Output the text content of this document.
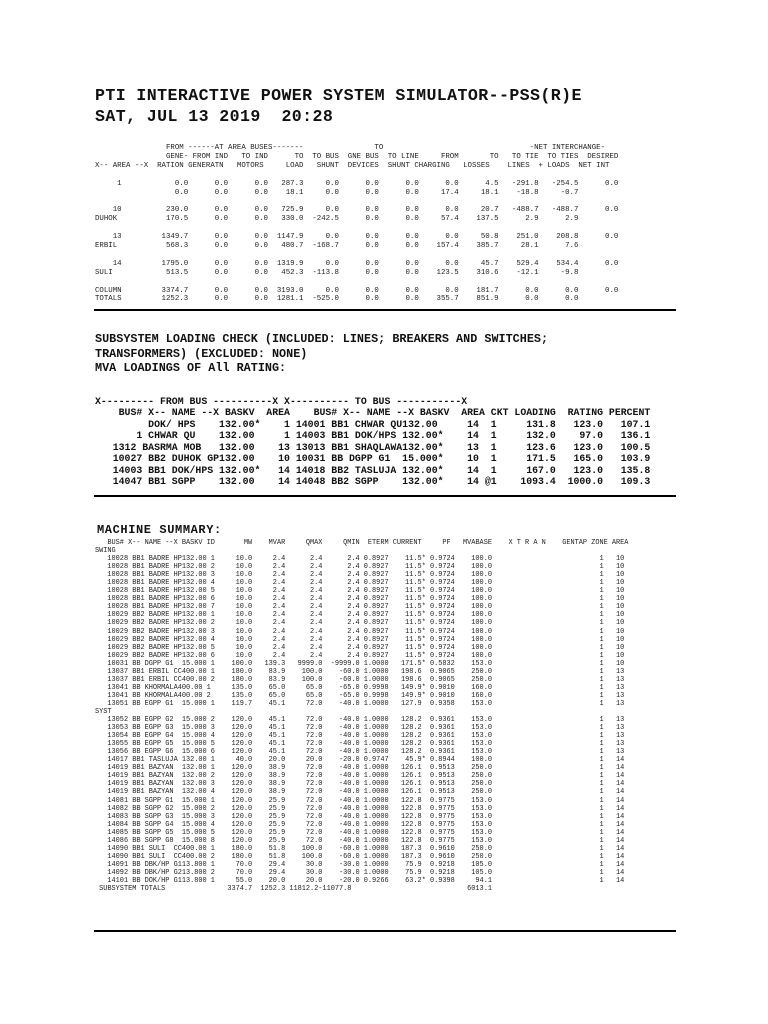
PTI INTERACTIVE POWER SYSTEM SIMULATOR--PSS(R)E
SAT, JUL 13 2019  20:28
FROM ------AT AREA BUSES-------                TO                                 -NET INTERCHANGE-
GENE- FROM IND   TO IND      TO  TO BUS  GNE BUS  TO LINE     FROM       TO   TO TIE  TO TIES  DESIRED
X-- AREA --X  RATION GENERATN   MOTORS     LOAD   SHUNT  DEVICES  SHUNT CHARGING   LOSSES    LINES  + LOADS  NET INT

1            0.0      0.0      0.0   287.3     0.0      0.0      0.0      0.0      4.5   -291.8   -254.5      0.0
0.0      0.0      0.0    18.1     0.0      0.0      0.0     17.4     18.1    -18.8     -0.7

10          230.0      0.0      0.0   725.9     0.0      0.0      0.0      0.0     20.7   -488.7   -488.7      0.0
DUHOK           170.5      0.0      0.0   330.0  -242.5      0.0      0.0     57.4    137.5      2.9      2.9

13         1349.7      0.0      0.0  1147.9     0.0      0.0      0.0      0.0     50.8    251.0    208.8      0.0
ERBIL           568.3      0.0      0.0   480.7  -168.7      0.0      0.0    157.4    385.7     28.1      7.6

14         1795.0      0.0      0.0  1319.9     0.0      0.0      0.0      0.0     45.7    529.4    534.4      0.0
SULI            513.5      0.0      0.0   452.3  -113.8      0.0      0.0    123.5    310.6    -12.1     -9.8

COLUMN         3374.7      0.0      0.0  3193.0     0.0      0.0      0.0      0.0    181.7      0.0      0.0      0.0
TOTALS         1252.3      0.0      0.0  1281.1  -525.0      0.0      0.0    355.7    851.9      0.0      0.0
SUBSYSTEM LOADING CHECK (INCLUDED: LINES; BREAKERS AND SWITCHES;
TRANSFORMERS) (EXCLUDED: NONE)
MVA LOADINGS OF All RATING:

X--------- FROM BUS ----------X X---------- TO BUS -----------X
BUS# X-- NAME --X BASKV  AREA    BUS# X-- NAME --X BASKV  AREA CKT LOADING  RATING PERCENT
DOK/ HPS    132.00*    1 14001 BB1 CHWAR QU132.00     14  1     131.8   123.0   107.1
1 CHWAR QU    132.00     1 14003 BB1 DOK/HPS 132.00*    14  1     132.0    97.0   136.1
1312 BASRMA MOB   132.00    13 13013 BB1 SHAQLAWA132.00*    13  1     123.6   123.0   100.5
10027 BB2 DUHOK GP132.00    10 10031 BB DGPP G1  15.000*    10  1     171.5   165.0   103.9
14003 BB1 DOK/HPS 132.00*   14 14018 BB2 TASLUJA 132.00*    14  1     167.0   123.0   135.8
14047 BB1 SGPP    132.00    14 14048 BB2 SGPP    132.00*    14 @1    1093.4  1000.0   109.3
MACHINE SUMMARY:
BUS# X-- NAME --X BASKV ID       MW    MVAR     QMAX     QMIN  ETERM CURRENT     PF   MVABASE    X T R A N    GENTAP ZONE AREA
SWING
10028 BB1 BADRE HP132.00 1     10.0     2.4      2.4      2.4 0.8927    11.5* 0.9724    100.0                          1   10
10028 BB1 BADRE HP132.00 2     10.0     2.4      2.4      2.4 0.8927    11.5* 0.9724    100.0                          1   10
10028 BB1 BADRE HP132.00 3     10.0     2.4      2.4      2.4 0.8927    11.5* 0.9724    100.0                          1   10
10028 BB1 BADRE HP132.00 4     10.0     2.4      2.4      2.4 0.8927    11.5* 0.9724    100.0                          1   10
10028 BB1 BADRE HP132.00 5     10.0     2.4      2.4      2.4 0.8927    11.5* 0.9724    100.0                          1   10
10028 BB1 BADRE HP132.00 6     10.0     2.4      2.4      2.4 0.8927    11.5* 0.9724    100.0                          1   10
10028 BB1 BADRE HP132.00 7     10.0     2.4      2.4      2.4 0.8927    11.5* 0.9724    100.0                          1   10
10029 BB2 BADRE HP132.00 1     10.0     2.4      2.4      2.4 0.8927    11.5* 0.9724    100.0                          1   10
10029 BB2 BADRE HP132.00 2     10.0     2.4      2.4      2.4 0.8927    11.5* 0.9724    100.0                          1   10
10029 BB2 BADRE HP132.00 3     10.0     2.4      2.4      2.4 0.8927    11.5* 0.9724    100.0                          1   10
10029 BB2 BADRE HP132.00 4     10.0     2.4      2.4      2.4 0.8927    11.5* 0.9724    100.0                          1   10
10029 BB2 BADRE HP132.00 5     10.0     2.4      2.4      2.4 0.8927    11.5* 0.9724    100.0                          1   10
10029 BB2 BADRE HP132.00 6     10.0     2.4      2.4      2.4 0.8927    11.5* 0.9724    100.0                          1   10
10031 BB DGPP G1  15.000 1    100.0   139.3   9999.0  -9999.0 1.0000   171.5* 0.5832    153.0                          1   10
13037 BB1 ERBIL CC400.00 1    180.0    83.9    100.0    -60.0 1.0000   198.6  0.9065    250.0                          1   13
13037 BB1 ERBIL CC400.00 2    180.0    83.9    100.0    -60.0 1.0000   198.6  0.9065    250.0                          1   13
13041 BB KHORMALA400.00 1     135.0    65.0     65.0    -65.0 0.9998   149.9* 0.9010    160.0                          1   13
13041 BB KHORMALA400.00 2     135.0    65.0     65.0    -65.0 0.9998   149.9* 0.9010    160.0                          1   13
13051 BB EGPP G1  15.000 1    119.7    45.1     72.0    -40.0 1.0000   127.9  0.9358    153.0                          1   13
SYST
13052 BB EGPP G2  15.000 2    120.0    45.1     72.0    -40.0 1.0000   128.2  0.9361    153.0                          1   13
13053 BB EGPP G3  15.000 3    120.0    45.1     72.0    -40.0 1.0000   128.2  0.9361    153.0                          1   13
13054 BB EGPP G4  15.000 4    120.0    45.1     72.0    -40.0 1.0000   128.2  0.9361    153.0                          1   13
13055 BB EGPP G5  15.000 5    120.0    45.1     72.0    -40.0 1.0000   128.2  0.9361    153.0                          1   13
13056 BB EGPP G6  15.000 6    120.0    45.1     72.0    -40.0 1.0000   128.2  0.9361    153.0                          1   13
14017 BB1 TASLUJA 132.00 1     40.0    20.0     20.0    -20.0 0.9747    45.9* 0.8944    100.0                          1   14
14019 BB1 BAZYAN  132.00 1    120.0    38.9     72.0    -40.0 1.0000   126.1  0.9513    250.0                          1   14
14019 BB1 BAZYAN  132.00 2    120.0    38.9     72.0    -40.0 1.0000   126.1  0.9513    250.0                          1   14
14019 BB1 BAZYAN  132.00 3    120.0    38.9     72.0    -40.0 1.0000   126.1  0.9513    250.0                          1   14
14019 BB1 BAZYAN  132.00 4    120.0    38.9     72.0    -40.0 1.0000   126.1  0.9513    250.0                          1   14
14081 BB SGPP G1  15.000 1    120.0    25.9     72.0    -40.0 1.0000   122.8  0.9775    153.0                          1   14
14082 BB SGPP G2  15.000 2    120.0    25.9     72.0    -40.0 1.0000   122.8  0.9775    153.0                          1   14
14083 BB SGPP G3  15.000 3    120.0    25.9     72.0    -40.0 1.0000   122.8  0.9775    153.0                          1   14
14084 BB SGPP G4  15.000 4    120.0    25.9     72.0    -40.0 1.0000   122.8  0.9775    153.0                          1   14
14085 BB SGPP G5  15.000 5    120.0    25.9     72.0    -40.0 1.0000   122.8  0.9775    153.0                          1   14
14086 BB SGPP G8  15.000 8    120.0    25.9     72.0    -40.0 1.0000   122.8  0.9775    153.0                          1   14
14090 BB1 SULI  CC400.00 1    180.0    51.8    100.0    -60.0 1.0000   187.3  0.9610    250.0                          1   14
14090 BB1 SULI  CC400.00 2    180.0    51.8    100.0    -60.0 1.0000   187.3  0.9610    250.0                          1   14
14091 BB DBK/HP G113.800 1     70.0    29.4     30.0    -30.0 1.0000    75.9  0.9218    105.0                          1   14
14092 BB DBK/HP G213.800 2     70.0    29.4     30.0    -30.0 1.0000    75.9  0.9218    105.0                          1   14
14101 BB DOK/HP G113.800 1     55.0    20.0     20.0    -20.0 0.9266    63.2* 0.9398     94.1                          1   14
SUBSYSTEM TOTALS               3374.7  1252.3 11812.2-11077.8                            6013.1
